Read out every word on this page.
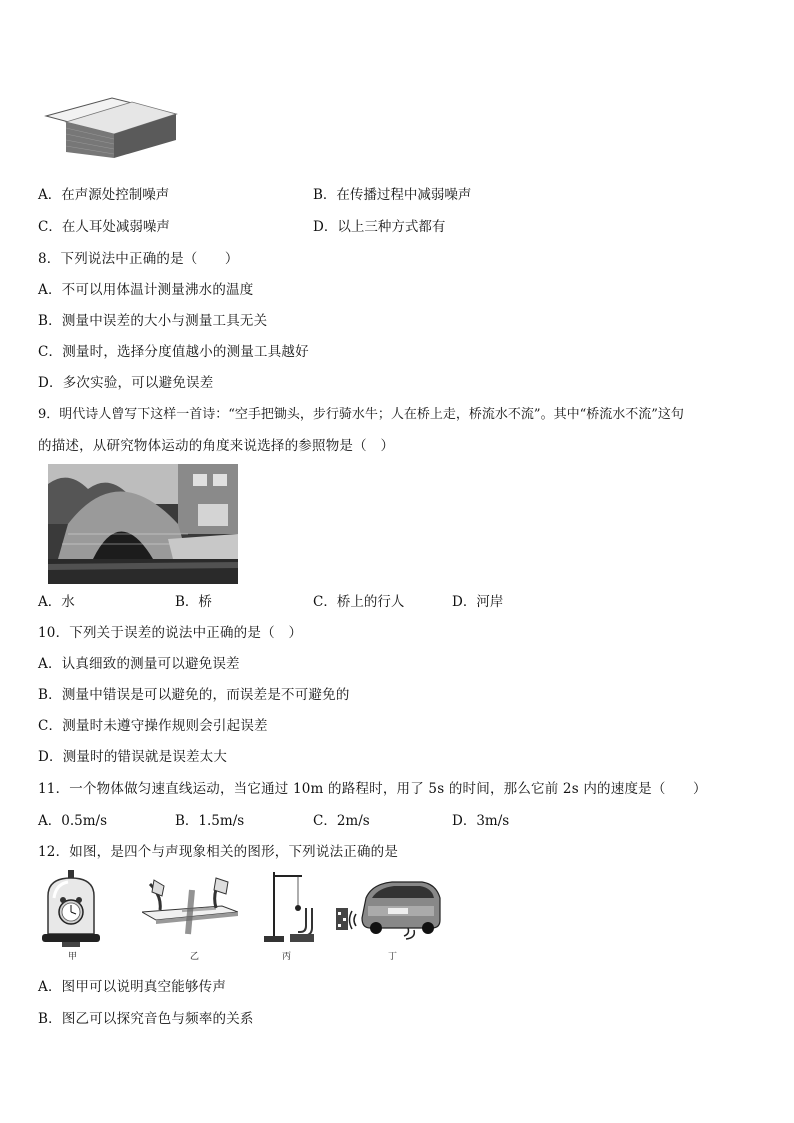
A．在声源处控制噪声	B．在传播过程中减弱噪声
C．在人耳处减弱噪声	D．以上三种方式都有
8．下列说法中正确的是（　　）
A．不可以用体温计测量沸水的温度
B．测量中误差的大小与测量工具无关
C．测量时，选择分度值越小的测量工具越好
D．多次实验，可以避免误差
9．明代诗人曾写下这样一首诗：“空手把锄头，步行骑水牛；人在桥上走，桥流水不流”。其中“桥流水不流”这句
的描述，从研究物体运动的角度来说选择的参照物是（　）
A．水	B．桥	C．桥上的行人	D．河岸
10．下列关于误差的说法中正确的是（　）
A．认真细致的测量可以避免误差
B．测量中错误是可以避免的，而误差是不可避免的
C．测量时未遵守操作规则会引起误差
D．测量时的错误就是误差太大
11．一个物体做匀速直线运动，当它通过 10m 的路程时，用了 5s 的时间，那么它前 2s 内的速度是（　　）
A．0.5m/s	B．1.5m/s	C．2m/s	D．3m/s
12．如图，是四个与声现象相关的图形，下列说法正确的是
甲	乙	丙	丁
A．图甲可以说明真空能够传声
B．图乙可以探究音色与频率的关系
